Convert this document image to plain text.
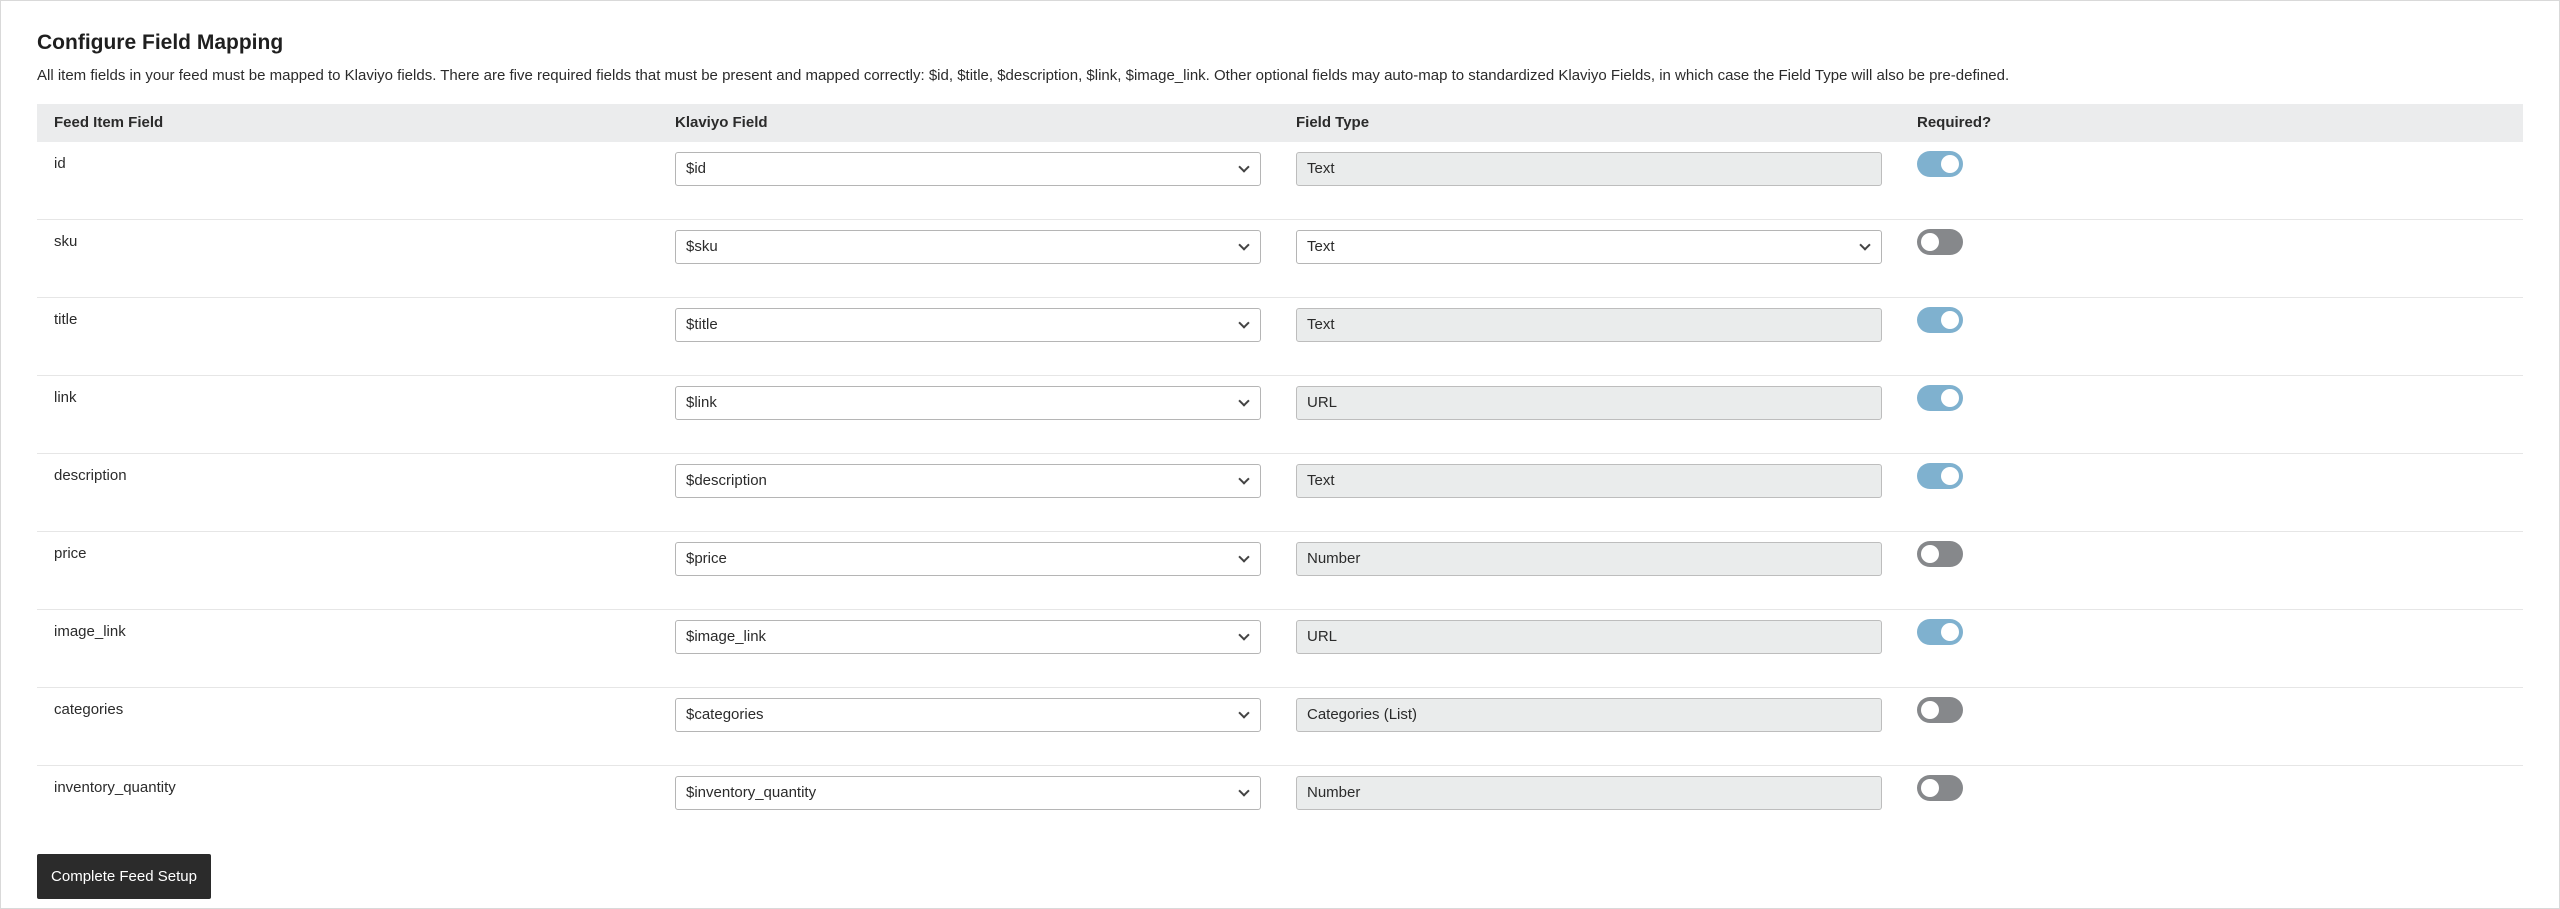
Configure Field Mapping

All item fields in your feed must be mapped to Klaviyo fields. There are five required fields that must be present and mapped correctly: $id, $title, $description, $link, $image_link. Other optional fields may auto-map to standardized Klaviyo Fields, in which case the Field Type will also be pre-defined.

Feed Item Field	Klaviyo Field	Field Type	Required?
id	$id	Text
sku	$sku	Text
title	$title	Text
link	$link	URL
description	$description	Text
price	$price	Number
image_link	$image_link	URL
categories	$categories	Categories (List)
inventory_quantity	$inventory_quantity	Number
Complete Feed Setup
